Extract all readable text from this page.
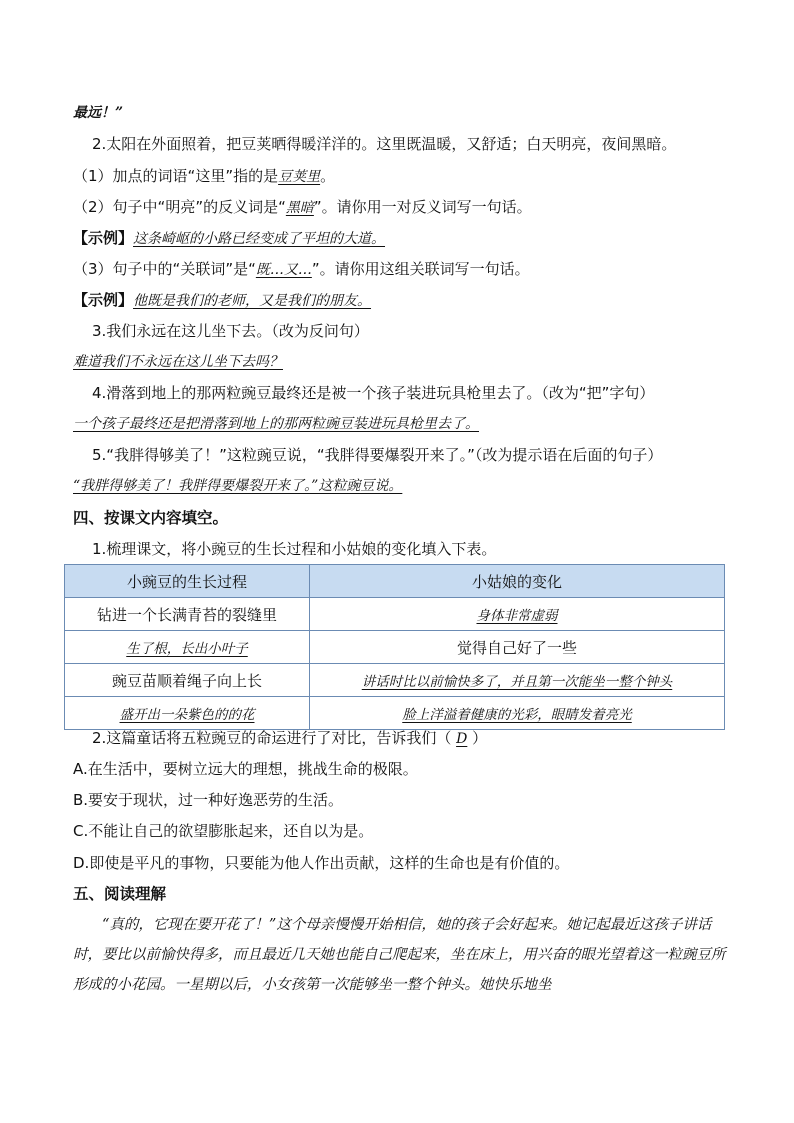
最远！”
2.太阳在外面照着，把豆荚晒得暖洋洋的。这里既温暖，又舒适；白天明亮，夜间黑暗。
（1）加点的词语“这里”指的是豆荚里。
（2）句子中“明亮”的反义词是“黑暗”。请你用一对反义词写一句话。
【示例】这条崎岖的小路已经变成了平坦的大道。
（3）句子中的“关联词”是“既…又…”。请你用这组关联词写一句话。
【示例】他既是我们的老师，又是我们的朋友。
3.我们永远在这儿坐下去。（改为反问句）
难道我们不永远在这儿坐下去吗？
4.滑落到地上的那两粒豌豆最终还是被一个孩子装进玩具枪里去了。（改为“把”字句）
一个孩子最终还是把滑落到地上的那两粒豌豆装进玩具枪里去了。
5.“我胖得够美了！”这粒豌豆说，“我胖得要爆裂开来了。”（改为提示语在后面的句子）
“我胖得够美了！我胖得要爆裂开来了。”这粒豌豆说。
四、按课文内容填空。
1.梳理课文，将小豌豆的生长过程和小姑娘的变化填入下表。
小豌豆的生长过程	小姑娘的变化
钻进一个长满青苔的裂缝里	身体非常虚弱
生了根，长出小叶子	觉得自己好了一些
豌豆苗顺着绳子向上长	讲话时比以前愉快多了，并且第一次能坐一整个钟头
盛开出一朵紫色的的花	脸上洋溢着健康的光彩，眼睛发着亮光
2.这篇童话将五粒豌豆的命运进行了对比，告诉我们（ D ）
A.在生活中，要树立远大的理想，挑战生命的极限。
B.要安于现状，过一种好逸恶劳的生活。
C.不能让自己的欲望膨胀起来，还自以为是。
D.即使是平凡的事物，只要能为他人作出贡献，这样的生命也是有价值的。
五、阅读理解
“真的，它现在要开花了！”这个母亲慢慢开始相信，她的孩子会好起来。她记起最近这孩子讲话时，要比以前愉快得多，而且最近几天她也能自己爬起来，坐在床上，用兴奋的眼光望着这一粒豌豆所形成的小花园。一星期以后，小女孩第一次能够坐一整个钟头。她快乐地坐
